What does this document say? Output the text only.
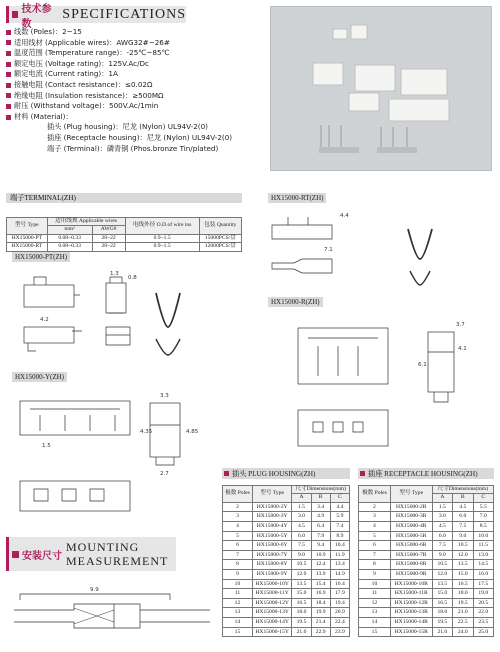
技术参数
SPECIFICATIONS
线数 (Poles)：2~15
适用线材 (Applicable wires)：AWG32#~26#
温度范围 (Temperature range)：-25℃~85℃
额定电压 (Voltage rating)：125V.Ac/Dc
额定电流 (Current rating)：1A
接触电阻 (Contact resistance)：≤0.02Ω
绝缘电阻 (Insulation resistance)：≥500MΩ
耐压 (Withstand voltage)：500V.Ac/1min
材料 (Material)：
插头 (Plug housing)：尼龙 (Nylon) UL94V-2(0)
插座 (Receptacle housing)：尼龙 (Nylon) UL94V-2(0)
端子 (Terminal)：磷青铜 (Phos.bronze Tin/plated)
端子TERMINAL(ZH)
型号 Type	适用线规 Applicable wires		电线外径 O.D.of wire ins	包装 Quantity
	mm²	AWG#		
HX15000-PT	0.08~0.33	28~22	0.9~1.5	15000PCS/盘
HX15000-RT	0.08~0.33	28~22	0.9~1.5	12000PCS/盘
HX15000-PT(ZH)
HX15000-RT(ZH)
HX15000-R(ZH)
HX15000-Y(ZH)
4.2
1.3
0.8
4.4
7.1
6.1
3.7
4.1
1.5
3.3
2.7
4.35	4.85
插头 PLUG HOUSING(ZH)
极数 Poles	型号 Type	尺寸Dimensions(mm)		
		A	B	C
2	HX15000-2Y	1.5	3.4	4.4
3	HX15000-3Y	3.0	4.9	5.9
4	HX15000-4Y	4.5	6.4	7.4
5	HX15000-5Y	6.0	7.9	8.9
6	HX15000-6Y	7.5	9.4	10.4
7	HX15000-7Y	9.0	10.9	11.9
8	HX15000-8Y	10.5	12.4	13.4
9	HX15000-9Y	12.0	13.9	14.9
10	HX15000-10Y	13.5	15.4	16.4
11	HX15000-11Y	15.0	16.9	17.9
12	HX15000-12Y	16.5	18.4	19.4
13	HX15000-13Y	18.0	19.9	20.9
14	HX15000-14Y	19.5	21.4	22.4
15	HX15000-15Y	21.0	22.9	23.9
插座 RECEPTACLE HOUSING(ZH)
极数 Poles	型号 Type	尺寸Dimensions(mm)		
		A	B	C
2	HX15000-2R	1.5	4.5	5.5
3	HX15000-3R	3.0	6.0	7.0
4	HX15000-4R	4.5	7.5	8.5
5	HX15000-5R	6.0	9.0	10.0
6	HX15000-6R	7.5	10.5	11.5
7	HX15000-7R	9.0	12.0	13.0
8	HX15000-8R	10.5	13.5	14.5
9	HX15000-9R	12.0	15.0	16.0
10	HX15000-10R	13.5	16.5	17.5
11	HX15000-11R	15.0	18.0	19.0
12	HX15000-12R	16.5	19.5	20.5
13	HX15000-13R	18.0	21.0	22.0
14	HX15000-14R	19.5	22.5	23.5
15	HX15000-15R	21.0	24.0	25.0
安装尺寸
MOUNTING
MEASUREMENT
9.9
